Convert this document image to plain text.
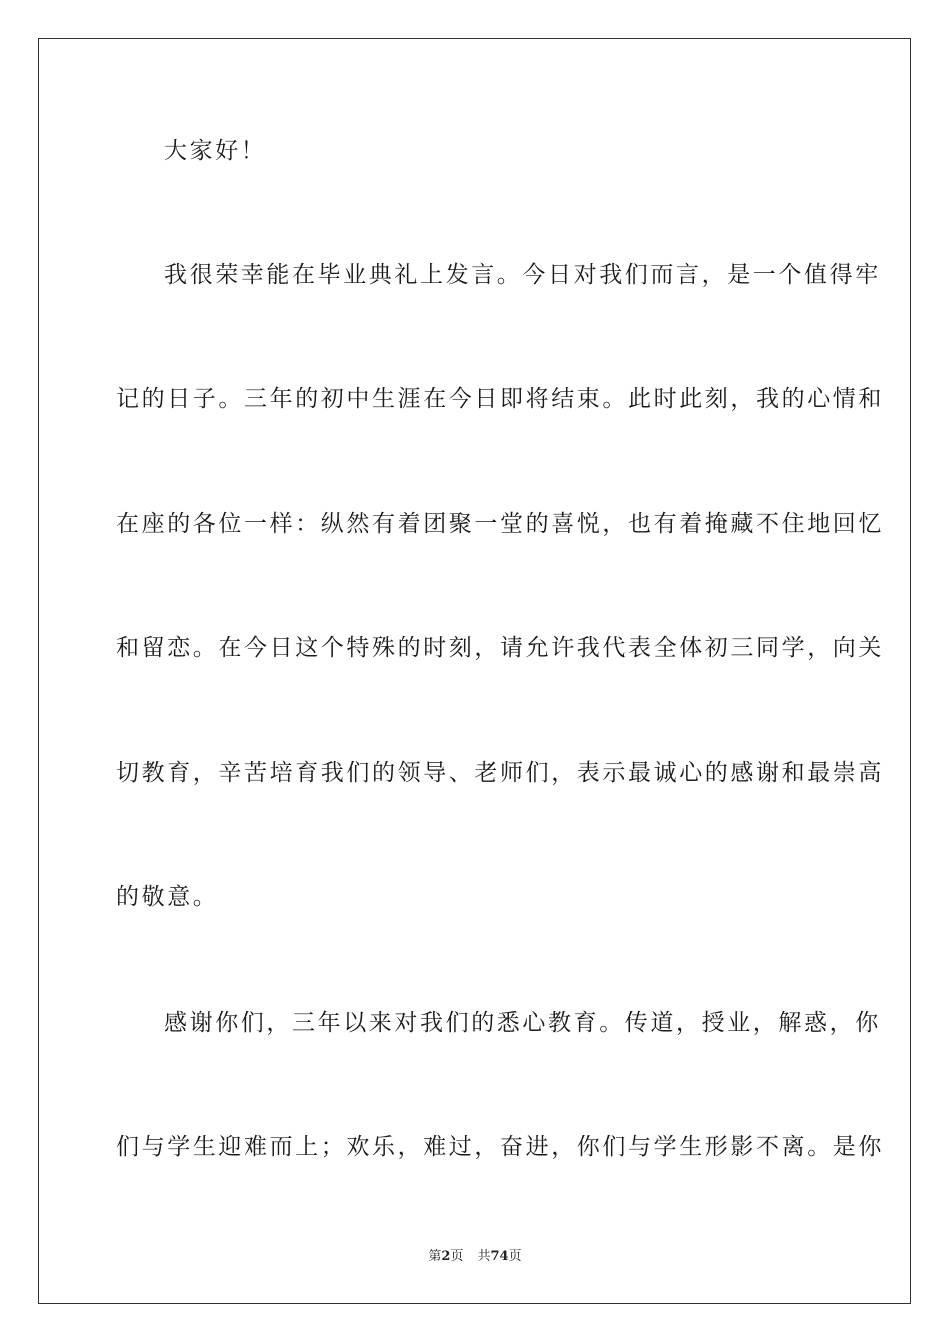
大家好！
我很荣幸能在毕业典礼上发言。今日对我们而言，是一个值得牢
记的日子。三年的初中生涯在今日即将结束。此时此刻，我的心情和
在座的各位一样：纵然有着团聚一堂的喜悦，也有着掩藏不住地回忆
和留恋。在今日这个特殊的时刻，请允许我代表全体初三同学，向关
切教育，辛苦培育我们的领导、老师们，表示最诚心的感谢和最崇高
的敬意。
感谢你们，三年以来对我们的悉心教育。传道，授业，解惑，你
们与学生迎难而上；欢乐，难过，奋进，你们与学生形影不离。是你
第2页 共74页
